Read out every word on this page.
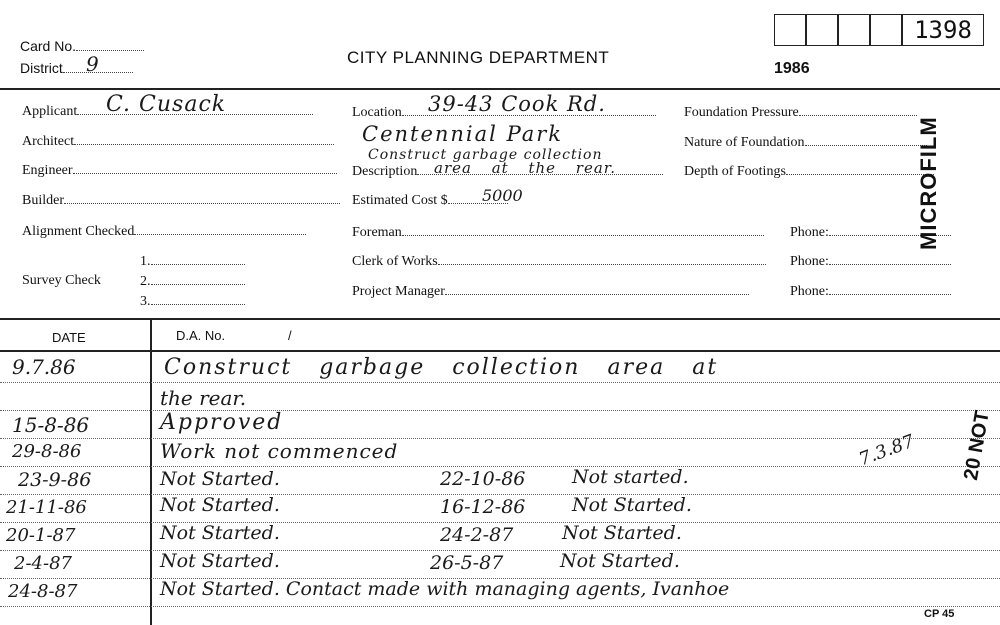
Card No.
District	9	CITY PLANNING DEPARTMENT
1986
1398
Applicant	C. Cusack
Architect
Engineer
Builder
Alignment Checked
Survey Check
1.
2.
3.
Location	39-43 Cook Rd.
Centennial Park
Construct garbage collection
Description	area at the rear.
Estimated Cost $	5000
Foreman
Clerk of Works
Project Manager
Foundation Pressure
Nature of Foundation
Depth of Footings
Phone:
Phone:
Phone:
MICROFILM
DATE	D.A. No.	/
9.7.86	Construct   garbage   collection   area   at
the rear.
15-8-86	Approved
29-8-86	Work not commenced
23-9-86	Not Started.	22-10-86 Not started.
21-11-86	Not Started.	16-12-86 Not Started.
20-1-87	Not Started.	24-2-87	Not Started.
2-4-87	Not Started.	26-5-87	Not Started.
24-8-87	Not Started. Contact made with managing agents, Ivanhoe
7.3.87 20 NOT
CP 45
